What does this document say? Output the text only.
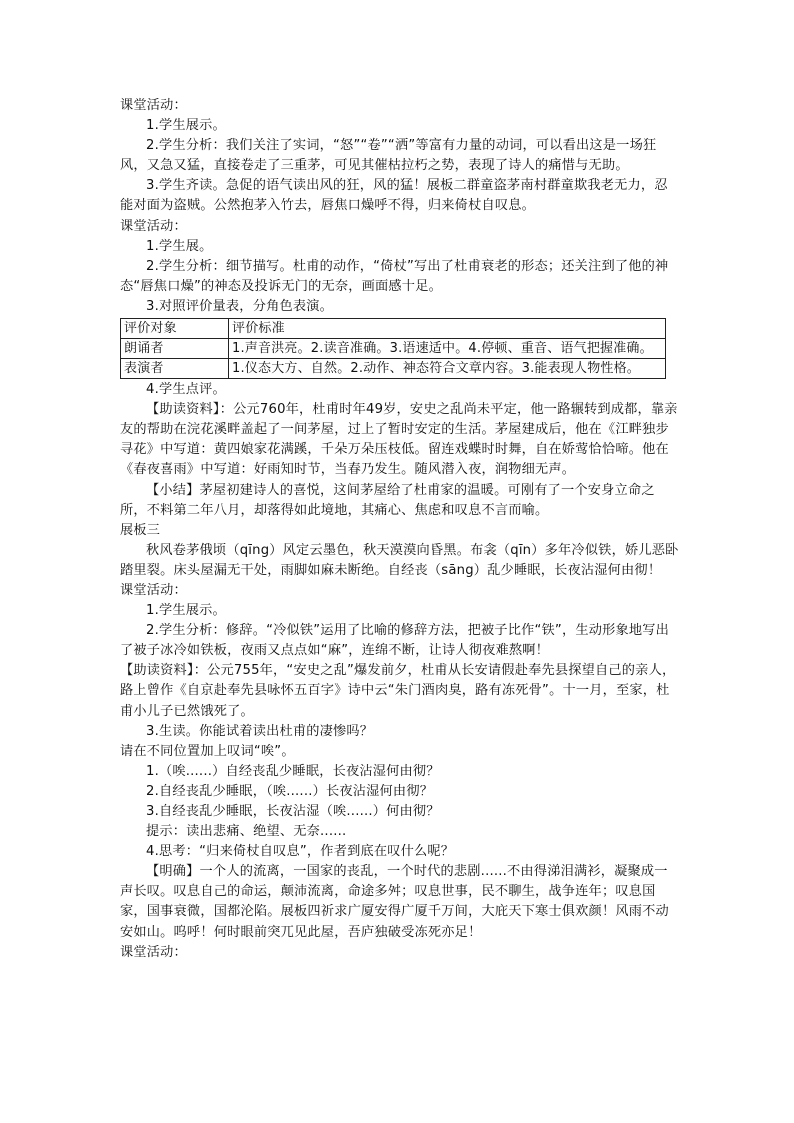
课堂活动：

1.学生展示。

2.学生分析：我们关注了实词，“怒”“卷”“洒”等富有力量的动词，可以看出这是一场狂风，又急又猛，直接卷走了三重茅，可见其催枯拉朽之势，表现了诗人的痛惜与无助。

3.学生齐读。急促的语气读出风的狂，风的猛！展板二群童盗茅南村群童欺我老无力，忍能对面为盗贼。公然抱茅入竹去，唇焦口燥呼不得，归来倚杖自叹息。

课堂活动：

1.学生展。

2.学生分析：细节描写。杜甫的动作，“倚杖”写出了杜甫衰老的形态；还关注到了他的神态“唇焦口燥”的神态及投诉无门的无奈，画面感十足。

3.对照评价量表，分角色表演。

评价对象	评价标准
朗诵者	1.声音洪亮。2.读音准确。3.语速适中。4.停顿、重音、语气把握准确。
表演者	1.仪态大方、自然。2.动作、神态符合文章内容。3.能表现人物性格。

4.学生点评。

【助读资料】：公元760年，杜甫时年49岁，安史之乱尚未平定，他一路辗转到成都，靠亲友的帮助在浣花溪畔盖起了一间茅屋，过上了暂时安定的生活。茅屋建成后，他在《江畔独步寻花》中写道：黄四娘家花满蹊，千朵万朵压枝低。留连戏蝶时时舞，自在娇莺恰恰啼。他在《春夜喜雨》中写道：好雨知时节，当春乃发生。随风潜入夜，润物细无声。

【小结】茅屋初建诗人的喜悦，这间茅屋给了杜甫家的温暖。可刚有了一个安身立命之所，不料第二年八月，却落得如此境地，其痛心、焦虑和叹息不言而喻。

展板三

秋风卷茅俄顷（qīng）风定云墨色，秋天漠漠向昏黑。布衾（qīn）多年冷似铁，娇儿恶卧踏里裂。床头屋漏无干处，雨脚如麻未断绝。自经丧（sāng）乱少睡眠，长夜沾湿何由彻！

课堂活动：

1.学生展示。

2.学生分析：修辞。“冷似铁”运用了比喻的修辞方法，把被子比作“铁”，生动形象地写出了被子冰冷如铁板，夜雨又点点如“麻”，连绵不断，让诗人彻夜难熬啊！

【助读资料】：公元755年，“安史之乱”爆发前夕，杜甫从长安请假赴奉先县探望自己的亲人，路上曾作《自京赴奉先县咏怀五百字》诗中云“朱门酒肉臭，路有冻死骨”。十一月，至家，杜甫小儿子已然饿死了。

3.生读。你能试着读出杜甫的凄惨吗？

请在不同位置加上叹词“唉”。

1.（唉......）自经丧乱少睡眠，长夜沾湿何由彻？

2.自经丧乱少睡眠，（唉......）长夜沾湿何由彻？

3.自经丧乱少睡眠，长夜沾湿（唉......）何由彻？

提示：读出悲痛、绝望、无奈......

4.思考：“归来倚杖自叹息”，作者到底在叹什么呢？

【明确】一个人的流离，一国家的丧乱，一个时代的悲剧......不由得涕泪满衫，凝聚成一声长叹。叹息自己的命运，颠沛流离，命途多舛；叹息世事，民不聊生，战争连年；叹息国家，国事衰微，国都沦陷。展板四祈求广厦安得广厦千万间，大庇天下寒士俱欢颜！风雨不动安如山。呜呼！何时眼前突兀见此屋，吾庐独破受冻死亦足！

课堂活动：
